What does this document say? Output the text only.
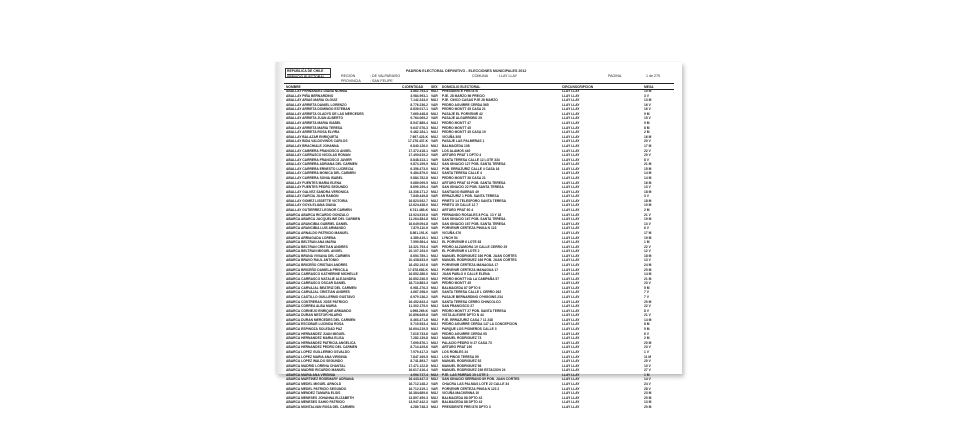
REPUBLICA DE CHILE
SERVICIO ELECTORAL
PADRON ELECTORAL DEFINITIVO - ELECCIONES MUNICIPALES 2012
REGION	: DE VALPARAISO
PROVINCIA	: SAN FELIPE
COMUNA	: LLAY LLAY	PAGINA	1 de 279
NOMBRE	C.IDENTIDAD SEX DOMICILIO ELECTORAL	CIRCUNSCRIPCION	MESA
ABALLAY FERNANDEZ DIANA NORMA	4.862.793-4 MUJ	PRESIDENTE FREI 876	LLAY LLAY	10 M
ABALLAY PIÑA BERNARDINO	3.984.993-1 VAR	PJE. 28 MARZO MI PRECIO	LLAY LLAY	3 V
ABALLAY ARIAS MARIA OLGUIZ	7.142.243-0 MUJ	PJE. CINCO CASAS PJE 28 MARZO	LLAY LLAY	13 M
ABALLAY ARRIETA DANIEL LORENZO	8.776.236-2 VAR	PEDRO AGUIRRE CERDA 565	LLAY LLAY	16 V
ABALLAY ARRIETA DOMINGO ESTEBAN	8.839.017-1 VAR	PEDRO MONTT 45 CASA 21	LLAY LLAY	16 V
ABALLAY ARRIETA GLADYS DE LAS MERCEDES	7.669.448-8 MUJ	PASAJE EL PORVENIR 42	LLAY LLAY	9 M
ABALLAY ARRIETA JUAN ALBERTO	9.764.069-2 VAR	PASAJE ALGARROBO 25	LLAY LLAY	15 V
ABALLAY ARRIETA MARIA ISABEL	8.547.889-4 MUJ	PEDRO MONTT 47	LLAY LLAY	9 M
ABALLAY ARRIETA MARIA TERESA	9.647.076-3 MUJ	PEDRO MONTT 45	LLAY LLAY	8 M
ABALLAY ARRIETA ROSA ELVIRA	9.462.184-1 MUJ	PEDRO MONTT 45 CASA 19	LLAY LLAY	2 M
ABALLAY BALAZAR ENRIQUETA	7.697.423-K MUJ	VICUÑA 308	LLAY LLAY	16 M
ABALLAY BIDA VALDOVINOS CARLOS	17.278.437-K VAR	PASAJE LAS PALMERAS 1	LLAY LLAY	20 V
ABALLAY BRACHIALE JOHANNA	6.840.126-0 MUJ	BALMACEDA 108	LLAY LLAY	17 M
ABALLAY CABRERA FRANCISCO ANGEL	17.372.418-1 VAR	LOS ALAMOS 440	LLAY LLAY	22 V
ABALLAY CARRASCO NICOLAS ROMAN	17.490.619-2 VAR	ARTURO PRAT 1 DPTO 4	LLAY LLAY	20 V
ABALLAY CARRERA FRANCISCO JAVIER	8.848.313-1 VAR	SANTA TERESA CALLE 12 LOTE 334	LLAY LLAY	8 V
ABALLAY CARRERA ADRIANA DEL CARMEN	9.874.199-9 MUJ	SAN IGNACIO 127 POB. SANTA TERESA	LLAY LLAY	21 M
ABALLAY CARRERA ERNESTO LUCRECIA	6.356.473-0 MUJ	POB. ERRAZURIZ CALLE 4 CASA 16	LLAY LLAY	15 M
ABALLAY CARRERA MONICA DEL CARMEN	9.484.879-0 MUJ	SANTA TERESA CALLE 4	LLAY LLAY	14 M
ABALLAY CARRERA SONIA ISABEL	9.884.782-8 MUJ	PEDRO MONTT 38 CASA 21	LLAY LLAY	14 M
ABALLAY FUENTES MARIA ELENA	9.689.099-5 MUJ	ARTURO PRAT 32 POB. SANTA TERESA	LLAY LLAY	16 M
ABALLAY FUENTES PEDRO SEGUNDO	8.699.199-4 VAR	SAN IGNACIO 22 POB. SANTA TERESA	LLAY LLAY	13 V
ABALLAY GALVEZ SANDRA VERONICA	13.336.171-2 MUJ	SANTIAGO BUERAS 49	LLAY LLAY	18 M
ABALLAY GARCIA JUAN RAMON	7.849.449-8 VAR	ERRAZURIZ 1 POB. SANTA TERESA	LLAY LLAY	3 V
ABALLAY GOMEZ LISSETTE VICTORIA	16.823.932-7 MUJ	PRIETO 14 TELESFORO SANTA TERESA	LLAY LLAY	18 M
ABALLAY GOYA ELIANA DIANA	12.624.438-0 MUJ	PRIETO 35 CALLE 12 7	LLAY LLAY	10 M
ABALLAY GUTIERREZ LEONOR CARMEN	6.741.489-K MUJ	ARTURO PRAT 60 4	LLAY LLAY	2 M
ABARCA ABARCA RICARDO GONZALO	13.924.519-6 VAR	FERNANDO ROSALES 8 PCA. 13 Y 18	LLAY LLAY	21 V
ABARCA ABARCA JACQUELINE DEL CARMEN	11.264.834-8 MUJ	SAN IGNACIO 167 POB. SANTA TERESA	LLAY LLAY	19 M
ABARCA ARANCIBIA GABRIEL DANIEL	16.649.094-8 VAR	SAN IGNACIO 167 POB. SANTA TERESA	LLAY LLAY	13 V
ABARCA ARANCIBIA LUIS ARMANDO	7.879.110-9 VAR	PORVENIR CERTEZA PINGA N 123	LLAY LLAY	6 V
ABARCA ARNALDO PATRICIO MANUEL	8.561.191-K VAR	VICUÑA 476	LLAY LLAY	17 M
ABARCA ARRIAGADA LORENA	4.389.419-1 MUJ	LYNCH 54	LLAY LLAY	19 M
ABARCA BELTRAN ANA MARIA	7.599.984-4 MUJ	EL PORVENIR 6 LOTE 63	LLAY LLAY	1 M
ABARCA BELTRAN CRISTIAN ANDRES	13.321.793-4 VAR	PEDRO ALZAMORA 19 CALLE CERRO 29	LLAY LLAY	22 V
ABARCA BELTRAN MIGUEL ANGEL	10.107.193-0 VAR	EL PORVENIR 6 LOTE 2	LLAY LLAY	12 V
ABARCA BRUNA VIVIANA DEL CARMEN	8.654.789-1 MUJ	MANUEL RODRIGUEZ 166 POB. JUAN CORTES	LLAY LLAY	18 M
ABARCA BRAVO RAUL ANTONIO	10.438.633-9 VAR	MANUEL RODRIGUEZ 166 POB. JUAN CORTES	LLAY LLAY	13 V
ABARCA BRICEÑO CRISTIAN ANDRES	16.452.192-6 VAR	PORVENIR CERTEZA MANAGUA 17	LLAY LLAY	24 M
ABARCA BRICEÑO DANIELA PRISCILA	17.678.683-K MUJ	PORVENIR CERTEZA MANAGUA 17	LLAY LLAY	20 M
ABARCA CARRASCO KATHERINE MICHELLE	16.852.286-0 MUJ	JUAN PABLO II CALLE ELENA	LLAY LLAY	14 M
ABARCA CARRASCO NATALIE ALEJANDRA	16.852.236-5 MUJ	PEDRO MONTT NA LA CAMPAÑA 57	LLAY LLAY	21 M
ABARCA CARRASCO OSCAR DANIEL	18.710.883-3 VAR	PEDRO MONTT 45	LLAY LLAY	23 V
ABARCA CARVAJAL BEATRIZ DEL CARMEN	6.981.276-3 MUJ	BALMACEDA 87 DPTO 6	LLAY LLAY	5 M
ABARCA CARVAJAL CRISTIAN ANDRES	4.667.298-0 VAR	SANTA TERESA CALLE L CERRO 262	LLAY LLAY	7 V
ABARCA CASTILLO GUILLERMO GUSTAVO	6.979.136-2 VAR	PASAJE BERNARDINO O'HIGGINS 234	LLAY LLAY	7 V
ABARCA CONTRERAS JOSE PATRICIO	16.452.843-4 VAR	SANTA TERESA CERRO CHINCOLCO	LLAY LLAY	20 M
ABARCA CORREA ALBA MARIA	11.302.179-0 MUJ	SAN FRANCISCO 27	LLAY LLAY	22 V
ABARCA CORNEJO ENRIQUE ARMANDO	4.998.269-K VAR	PEDRO MONTT 27 POB. SANTA TERESA	LLAY LLAY	8 V
ABARCA DURAN NESTOR HILARIO	10.896.649-8 VAR	VISTA ALEGRE DPTO N 44	LLAY LLAY	21 V
ABARCA DURAN MERCEDES DEL CARMEN	8.463.471-6 MUJ	PJE. ERRAZURIZ CASA 7 11 248	LLAY LLAY	14 M
ABARCA ESCOBAR LUCINDA ROSA	5.719.933-4 MUJ	PEDRO AGUIRRE CERDA 147 LA CONCEPCION	LLAY LLAY	8 M
ABARCA ESPINOZA SOLEDAD PAZ	16.694.219-5 MUJ	PARQUE LOS PIONEROS CALLE 3	LLAY LLAY	5 M
ABARCA HERNANDEZ JUAN MIGUEL	7.619.733-6 VAR	PEDRO AGUIRRE CERDA 95	LLAY LLAY	6 V
ABARCA HERNANDEZ MARIA ELISA	7.282.139-8 MUJ	MANUEL RODRIGUEZ 73	LLAY LLAY	2 M
ABARCA HERNANDEZ PATRICIA ANGELICA	7.699.876-1 MUJ	PALACIO PEDRO N 27 CASA 73	LLAY LLAY	20 M
ABARCA HERNANDEZ PEDRO DEL CARMEN	8.714.429-6 VAR	ARTURO PRAT 190	LLAY LLAY	23 V
ABARCA LOPEZ GUILLERMO OSVALDO	7.979.417-3 VAR	LOS ROBLES 24	LLAY LLAY	1 V
ABARCA LOPEZ MARIA ANA VIRGINIA	7.847.169-5 MUJ	LOS PINOS TERESA 59	LLAY LLAY	11 M
ABARCA LOPEZ WALDO SEGUNDO	8.741.893-7 VAR	MANUEL RODRIGUEZ 52	LLAY LLAY	20 V
ABARCA MADRID LORENA CHANTAL	17.471.122-8 MUJ	MANUEL RODRIGUEZ 56	LLAY LLAY	10 V
ABARCA MADRID RICARDO MANUEL	16.617.416-4 VAR	MANUEL RODRIGUEZ 236 ESTACION 24	LLAY LLAY	27 V
ABARCA MARIA ANA VIRGINIA	4.994.717-4 MUJ	PJE. LAS PARRAS 15 LOTE 1	LLAY LLAY	1 M
ABARCA MARTINEZ ROSEMARY ADRIANA	16.443.447-3 MUJ	SAN IGNACIO SERRANO 89 POB. JUAN CORTES	LLAY LLAY	14 V
ABARCA MEDEL MIGUEL ARNOLD	16.712.148-2 VAR	CHACRA LAS PALMAS LOTE 22 CALLE 34	LLAY LLAY	24 V
ABARCA MEDEL PATRICIO SEGUNDO	16.712.319-1 VAR	PORVENIR CERTEZA PINGA N 123 2	LLAY LLAY	28 V
ABARCA MENDEZ TAMARA ELSIS	16.384.689-6 MUJ	VICUÑA MACKENNA 10	LLAY LLAY	23 M
ABARCA MENESES JOHANNA ELIZABETH	13.897.459-3 MUJ	BALMACEDA 88 DPTO 42	LLAY LLAY	20 M
ABARCA MENESES SAHIO PATRICIO	13.947.442-3 VAR	BALMACEDA 88 DPTO 42	LLAY LLAY	13 M
ABARCA MONTALVAN ROSA DEL CARMEN	4.289.748-3 MUJ	PRESIDENTE FREI 876 DPTO 3	LLAY LLAY	20 M
